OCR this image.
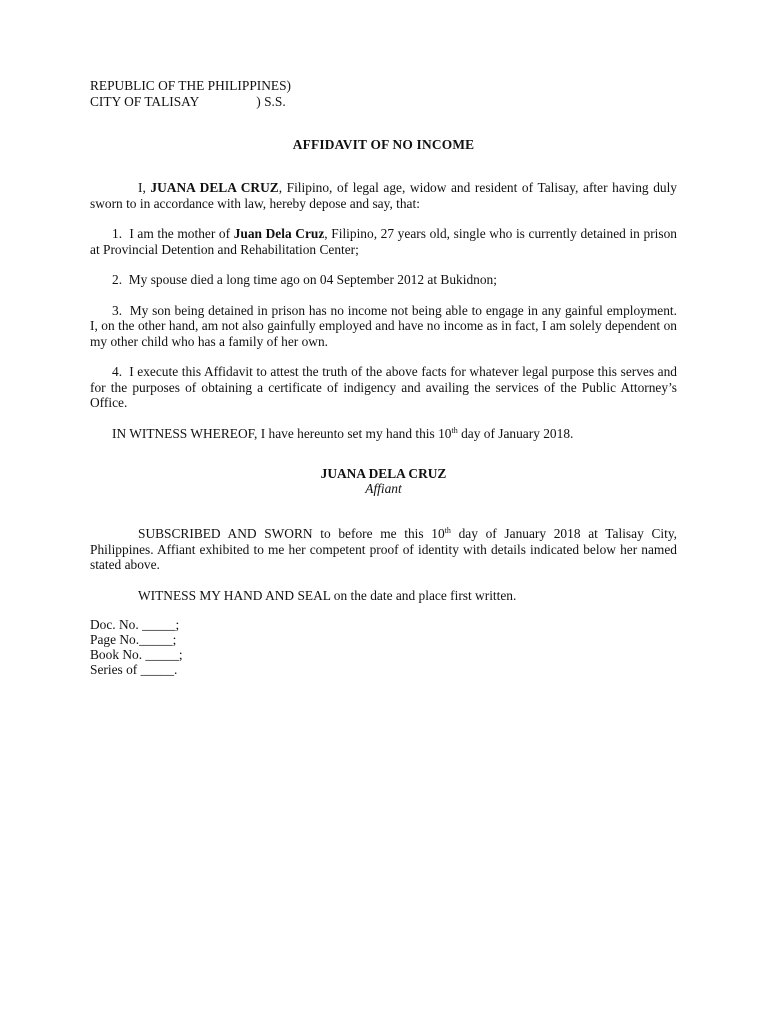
REPUBLIC OF THE PHILIPPINES)
CITY OF TALISAY	) S.S.
AFFIDAVIT OF NO INCOME

I, JUANA DELA CRUZ, Filipino, of legal age, widow and resident of Talisay, after having duly sworn to in accordance with law, hereby depose and say, that:

1. I am the mother of Juan Dela Cruz, Filipino, 27 years old, single who is currently detained in prison at Provincial Detention and Rehabilitation Center;

2. My spouse died a long time ago on 04 September 2012 at Bukidnon;

3. My son being detained in prison has no income not being able to engage in any gainful employment. I, on the other hand, am not also gainfully employed and have no income as in fact, I am solely dependent on my other child who has a family of her own.

4. I execute this Affidavit to attest the truth of the above facts for whatever legal purpose this serves and for the purposes of obtaining a certificate of indigency and availing the services of the Public Attorney’s Office.

IN WITNESS WHEREOF, I have hereunto set my hand this 10th day of January 2018.

JUANA DELA CRUZ
Affiant

SUBSCRIBED AND SWORN to before me this 10th day of January 2018 at Talisay City, Philippines. Affiant exhibited to me her competent proof of identity with details indicated below her named stated above.

WITNESS MY HAND AND SEAL on the date and place first written.

Doc. No. _____;
Page No._____;
Book No. _____;
Series of _____.
